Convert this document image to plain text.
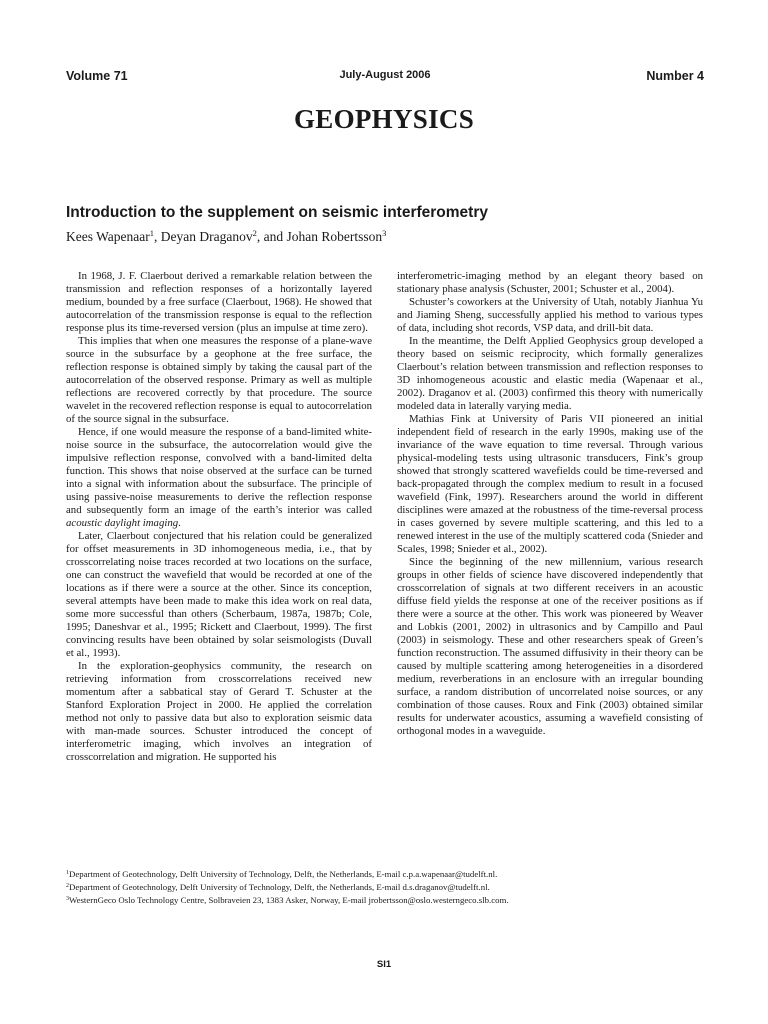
Volume 71	July-August 2006	Number 4
GEOPHYSICS
Introduction to the supplement on seismic interferometry
Kees Wapenaar$^1$, Deyan Draganov$^2$, and Johan Robertsson$^3$

In 1968, J. F. Claerbout derived a remarkable relation between the transmission and reflection responses of a horizontally layered medium, bounded by a free surface (Claerbout, 1968). He showed that autocorrelation of the transmission response is equal to the reflection response plus its time-reversed version (plus an impulse at time zero).

This implies that when one measures the response of a plane-wave source in the subsurface by a geophone at the free surface, the reflection response is obtained simply by taking the causal part of the autocorrelation of the observed response. Primary as well as multiple reflections are recovered correctly by that procedure. The source wavelet in the recovered reflection response is equal to autocorrelation of the source signal in the subsurface.

Hence, if one would measure the response of a band-limited white-noise source in the subsurface, the autocorrelation would give the impulsive reflection response, convolved with a band-limited delta function. This shows that noise observed at the surface can be turned into a signal with information about the subsurface. The principle of using passive-noise measurements to derive the reflection response and subsequently form an image of the earth’s interior was called acoustic daylight imaging.

Later, Claerbout conjectured that his relation could be generalized for offset measurements in 3D inhomogeneous media, i.e., that by crosscorrelating noise traces recorded at two locations on the surface, one can construct the wavefield that would be recorded at one of the locations as if there were a source at the other. Since its conception, several attempts have been made to make this idea work on real data, some more successful than others (Scherbaum, 1987a, 1987b; Cole, 1995; Daneshvar et al., 1995; Rickett and Claerbout, 1999). The first convincing results have been obtained by solar seismologists (Duvall et al., 1993).

In the exploration-geophysics community, the research on retrieving information from crosscorrelations received new momentum after a sabbatical stay of Gerard T. Schuster at the Stanford Exploration Project in 2000. He applied the correlation method not only to passive data but also to exploration seismic data with man-made sources. Schuster introduced the concept of interferometric imaging, which involves an integration of crosscorrelation and migration. He supported his

interferometric-imaging method by an elegant theory based on stationary phase analysis (Schuster, 2001; Schuster et al., 2004).

Schuster’s coworkers at the University of Utah, notably Jianhua Yu and Jiaming Sheng, successfully applied his method to various types of data, including shot records, VSP data, and drill-bit data.

In the meantime, the Delft Applied Geophysics group developed a theory based on seismic reciprocity, which formally generalizes Claerbout’s relation between transmission and reflection responses to 3D inhomogeneous acoustic and elastic media (Wapenaar et al., 2002). Draganov et al. (2003) confirmed this theory with numerically modeled data in laterally varying media.

Mathias Fink at University of Paris VII pioneered an initial independent field of research in the early 1990s, making use of the invariance of the wave equation to time reversal. Through various physical-modeling tests using ultrasonic transducers, Fink’s group showed that strongly scattered wavefields could be time-reversed and back-propagated through the complex medium to result in a focused wavefield (Fink, 1997). Researchers around the world in different disciplines were amazed at the robustness of the time-reversal process in cases governed by severe multiple scattering, and this led to a renewed interest in the use of the multiply scattered coda (Snieder and Scales, 1998; Snieder et al., 2002).

Since the beginning of the new millennium, various research groups in other fields of science have discovered independently that crosscorrelation of signals at two different receivers in an acoustic diffuse field yields the response at one of the receiver positions as if there were a source at the other. This work was pioneered by Weaver and Lobkis (2001, 2002) in ultrasonics and by Campillo and Paul (2003) in seismology. These and other researchers speak of Green’s function reconstruction. The assumed diffusivity in their theory can be caused by multiple scattering among heterogeneities in a disordered medium, reverberations in an enclosure with an irregular bounding surface, a random distribution of uncorrelated noise sources, or any combination of those causes. Roux and Fink (2003) obtained similar results for underwater acoustics, assuming a wavefield consisting of orthogonal modes in a waveguide.

$^1$Department of Geotechnology, Delft University of Technology, Delft, the Netherlands, E-mail c.p.a.wapenaar@tudelft.nl.
$^2$Department of Geotechnology, Delft University of Technology, Delft, the Netherlands, E-mail d.s.draganov@tudelft.nl.
$^3$WesternGeco Oslo Technology Centre, Solbraveien 23, 1383 Asker, Norway, E-mail jrobertsson@oslo.westerngeco.slb.com.
SI1
